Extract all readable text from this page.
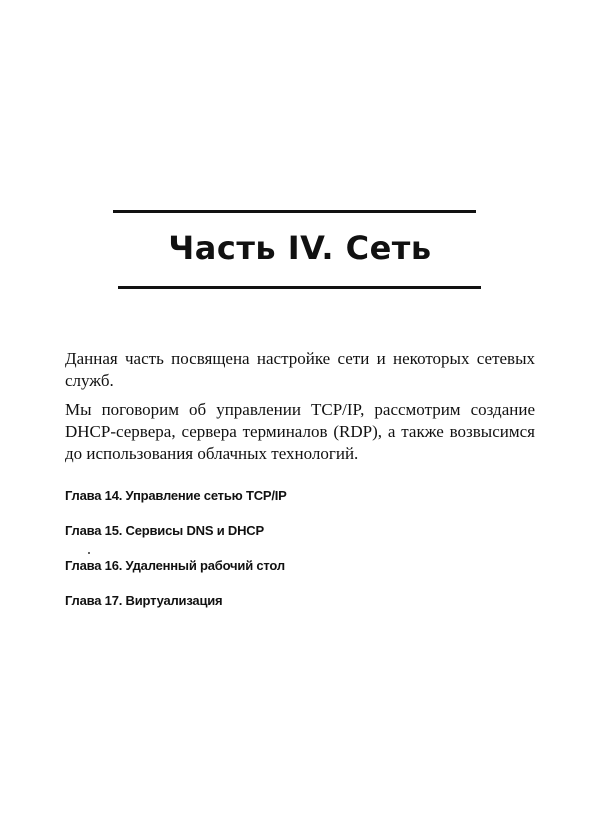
Часть IV. Сеть

Данная часть посвящена настройке сети и некоторых сетевых служб.

Мы поговорим об управлении TCP/IP, рассмотрим создание DHCP-сервера, сервера терминалов (RDP), а также возвысимся до использования облачных технологий.

Глава 14. Управление сетью TCP/IP
Глава 15. Сервисы DNS и DHCP
Глава 16. Удаленный рабочий стол
Глава 17. Виртуализация
